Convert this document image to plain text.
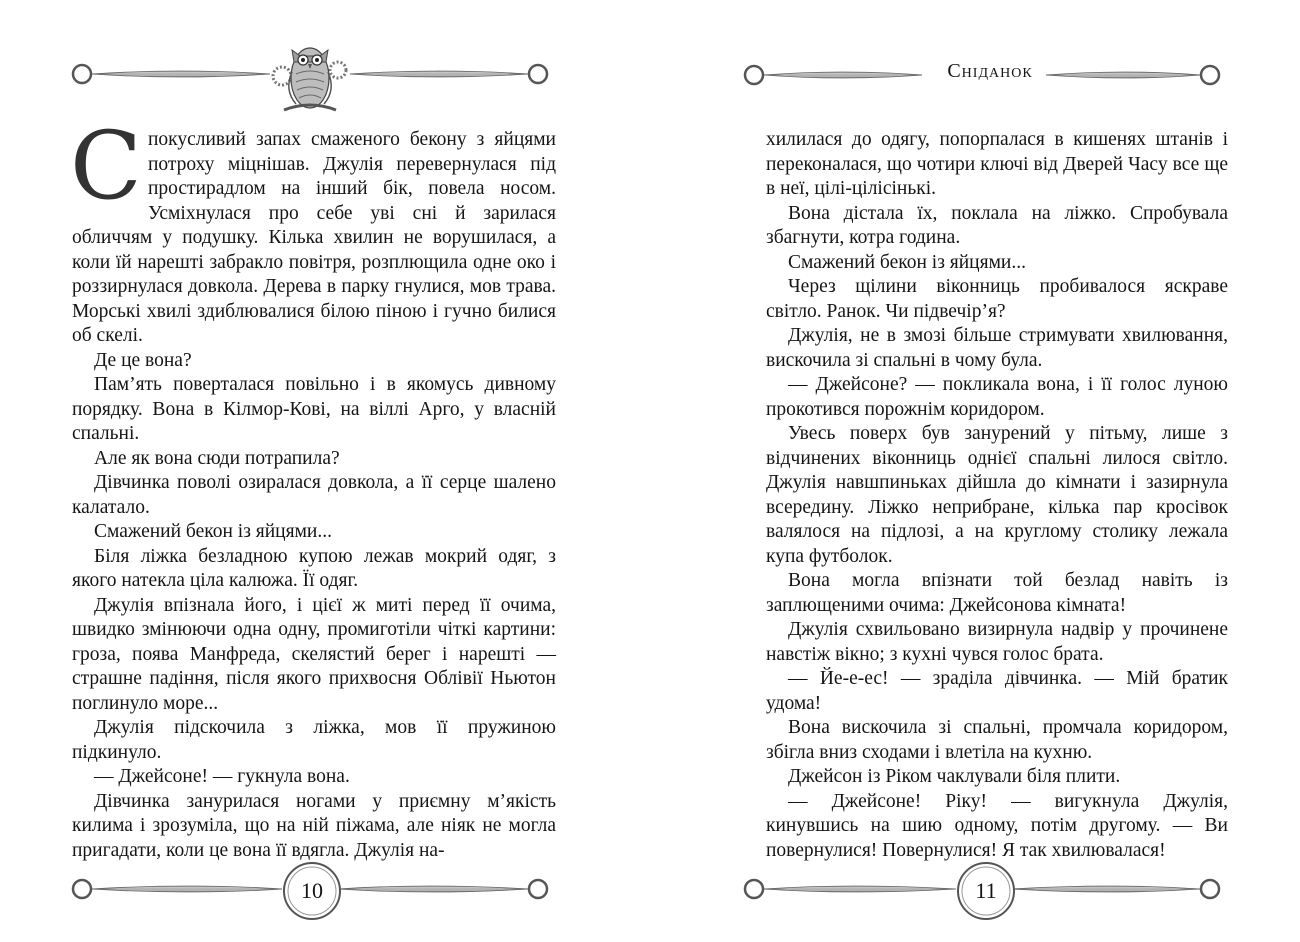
Спокусливий запах смаженого бекону з яйцями потроху міцнішав. Джулія перевернулася під простирадлом на інший бік, повела носом. Усміхнулася про себе уві сні й зарилася обличчям у подушку. Кілька хвилин не ворушилася, а коли їй нарешті забракло повітря, розплющила одне око і роззирнулася довкола. Дерева в парку гнулися, мов трава. Морські хвилі здиблювалися білою піною і гучно билися об скелі.

Де це вона?

Пам’ять поверталася повільно і в якомусь дивному порядку. Вона в Кілмор-Кові, на віллі Арго, у власній спальні.

Але як вона сюди потрапила?

Дівчинка поволі озиралася довкола, а її серце шалено калатало.

Смажений бекон із яйцями...

Біля ліжка безладною купою лежав мокрий одяг, з якого натекла ціла калюжа. Її одяг.

Джулія впізнала його, і цієї ж миті перед її очима, швидко змінюючи одна одну, промиготіли чіткі картини: гроза, поява Манфреда, скелястий берег і нарешті — страшне падіння, після якого прихвосня Облівії Ньютон поглинуло море...

Джулія підскочила з ліжка, мов її пружиною підкинуло.

— Джейсоне! — гукнула вона.

Дівчинка занурилася ногами у приємну м’якість килима і зрозуміла, що на ній піжама, але ніяк не могла пригадати, коли це вона її вдягла. Джулія на-

10
Сніданок

хилилася до одягу, попорпалася в кишенях штанів і переконалася, що чотири ключі від Дверей Часу все ще в неї, цілі-цілісінькі.

Вона дістала їх, поклала на ліжко. Спробувала збагнути, котра година.

Смажений бекон із яйцями...

Через щілини віконниць пробивалося яскраве світло. Ранок. Чи підвечір’я?

Джулія, не в змозі більше стримувати хвилювання, вискочила зі спальні в чому була.

— Джейсоне? — покликала вона, і її голос луною прокотився порожнім коридором.

Увесь поверх був занурений у пітьму, лише з відчинених віконниць однієї спальні лилося світло. Джулія навшпиньках дійшла до кімнати і зазирнула всередину. Ліжко неприбране, кілька пар кросівок валялося на підлозі, а на круглому столику лежала купа футболок.

Вона могла впізнати той безлад навіть із заплющеними очима: Джейсонова кімната!

Джулія схвильовано визирнула надвір у прочинене навстіж вікно; з кухні чувся голос брата.

— Йе-е-ес! — зраділа дівчинка. — Мій братик удома!

Вона вискочила зі спальні, промчала коридором, збігла вниз сходами і влетіла на кухню.

Джейсон із Ріком чаклували біля плити.

— Джейсоне! Ріку! — вигукнула Джулія, кинувшись на шию одному, потім другому. — Ви повернулися! Повернулися! Я так хвилювалася!

11
